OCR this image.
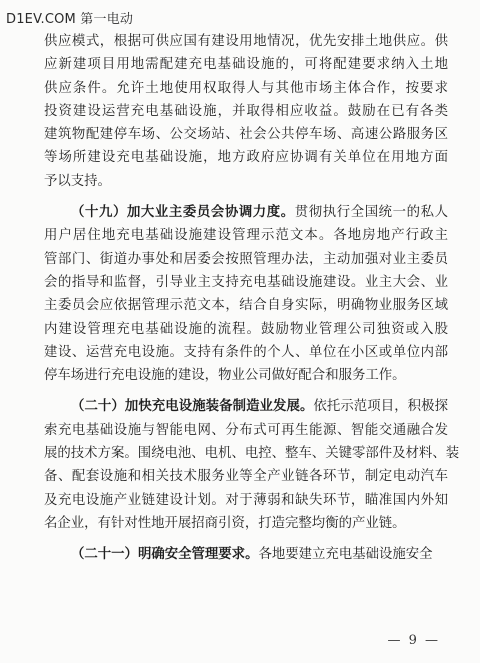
D1EV.COM 第一电动
供应模式，根据可供应国有建设用地情况，优先安排土地供应。供
应新建项目用地需配建充电基础设施的，可将配建要求纳入土地
供应条件。允许土地使用权取得人与其他市场主体合作，按要求
投资建设运营充电基础设施，并取得相应收益。鼓励在已有各类
建筑物配建停车场、公交场站、社会公共停车场、高速公路服务区
等场所建设充电基础设施，地方政府应协调有关单位在用地方面
予以支持。
（十九）加大业主委员会协调力度。贯彻执行全国统一的私人
用户居住地充电基础设施建设管理示范文本。各地房地产行政主
管部门、街道办事处和居委会按照管理办法，主动加强对业主委员
会的指导和监督，引导业主支持充电基础设施建设。业主大会、业
主委员会应依据管理示范文本，结合自身实际，明确物业服务区域
内建设管理充电基础设施的流程。鼓励物业管理公司独资或入股
建设、运营充电设施。支持有条件的个人、单位在小区或单位内部
停车场进行充电设施的建设，物业公司做好配合和服务工作。
（二十）加快充电设施装备制造业发展。依托示范项目，积极探
索充电基础设施与智能电网、分布式可再生能源、智能交通融合发
展的技术方案。围绕电池、电机、电控、整车、关键零部件及材料、装
备、配套设施和相关技术服务业等全产业链各环节，制定电动汽车
及充电设施产业链建设计划。对于薄弱和缺失环节，瞄准国内外知
名企业，有针对性地开展招商引资，打造完整均衡的产业链。
（二十一）明确安全管理要求。各地要建立充电基础设施安全
— 9 —
